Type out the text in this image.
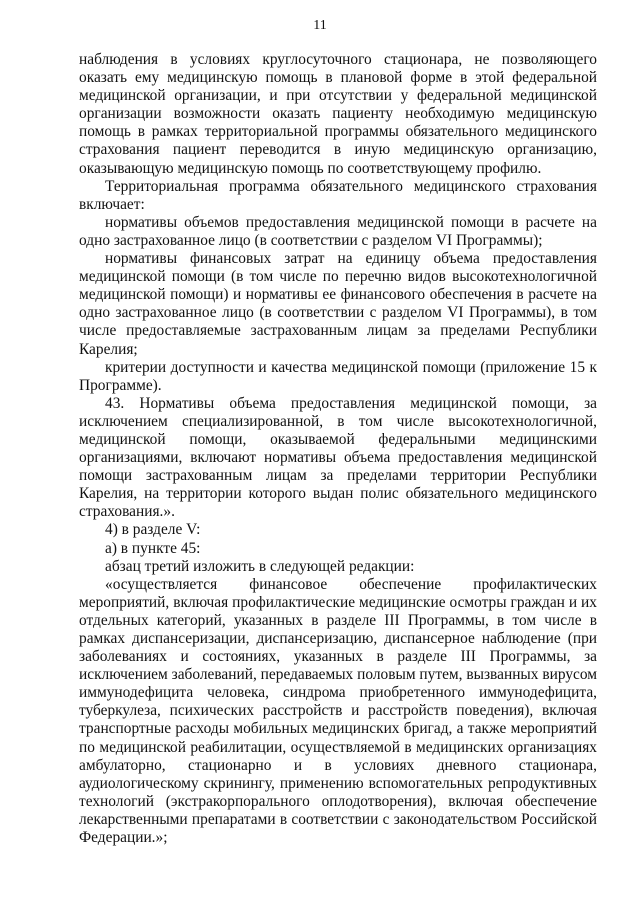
11

наблюдения в условиях круглосуточного стационара, не позволяющего оказать ему медицинскую помощь в плановой форме в этой федеральной медицинской организации, и при отсутствии у федеральной медицинской организации возможности оказать пациенту необходимую медицинскую помощь в рамках территориальной программы обязательного медицинского страхования пациент переводится в иную медицинскую организацию, оказывающую медицинскую помощь по соответствующему профилю.

Территориальная программа обязательного медицинского страхования включает:

нормативы объемов предоставления медицинской помощи в расчете на одно застрахованное лицо (в соответствии с разделом VI Программы);

нормативы финансовых затрат на единицу объема предоставления медицинской помощи (в том числе по перечню видов высокотехнологичной медицинской помощи) и нормативы ее финансового обеспечения в расчете на одно застрахованное лицо (в соответствии с разделом VI Программы), в том числе предоставляемые застрахованным лицам за пределами Республики Карелия;

критерии доступности и качества медицинской помощи (приложение 15 к Программе).

43. Нормативы объема предоставления медицинской помощи, за исключением специализированной, в том числе высокотехнологичной, медицинской помощи, оказываемой федеральными медицинскими организациями, включают нормативы объема предоставления медицинской помощи застрахованным лицам за пределами территории Республики Карелия, на территории которого выдан полис обязательного медицинского страхования.».

4) в разделе V:

а) в пункте 45:

абзац третий изложить в следующей редакции:

«осуществляется финансовое обеспечение профилактических мероприятий, включая профилактические медицинские осмотры граждан и их отдельных категорий, указанных в разделе III Программы, в том числе в рамках диспансеризации, диспансеризацию, диспансерное наблюдение (при заболеваниях и состояниях, указанных в разделе III Программы, за исключением заболеваний, передаваемых половым путем, вызванных вирусом иммунодефицита человека, синдрома приобретенного иммунодефицита, туберкулеза, психических расстройств и расстройств поведения), включая транспортные расходы мобильных медицинских бригад, а также мероприятий по медицинской реабилитации, осуществляемой в медицинских организациях амбулаторно, стационарно и в условиях дневного стационара, аудиологическому скринингу, применению вспомогательных репродуктивных технологий (экстракорпорального оплодотворения), включая обеспечение лекарственными препаратами в соответствии с законодательством Российской Федерации.»;
